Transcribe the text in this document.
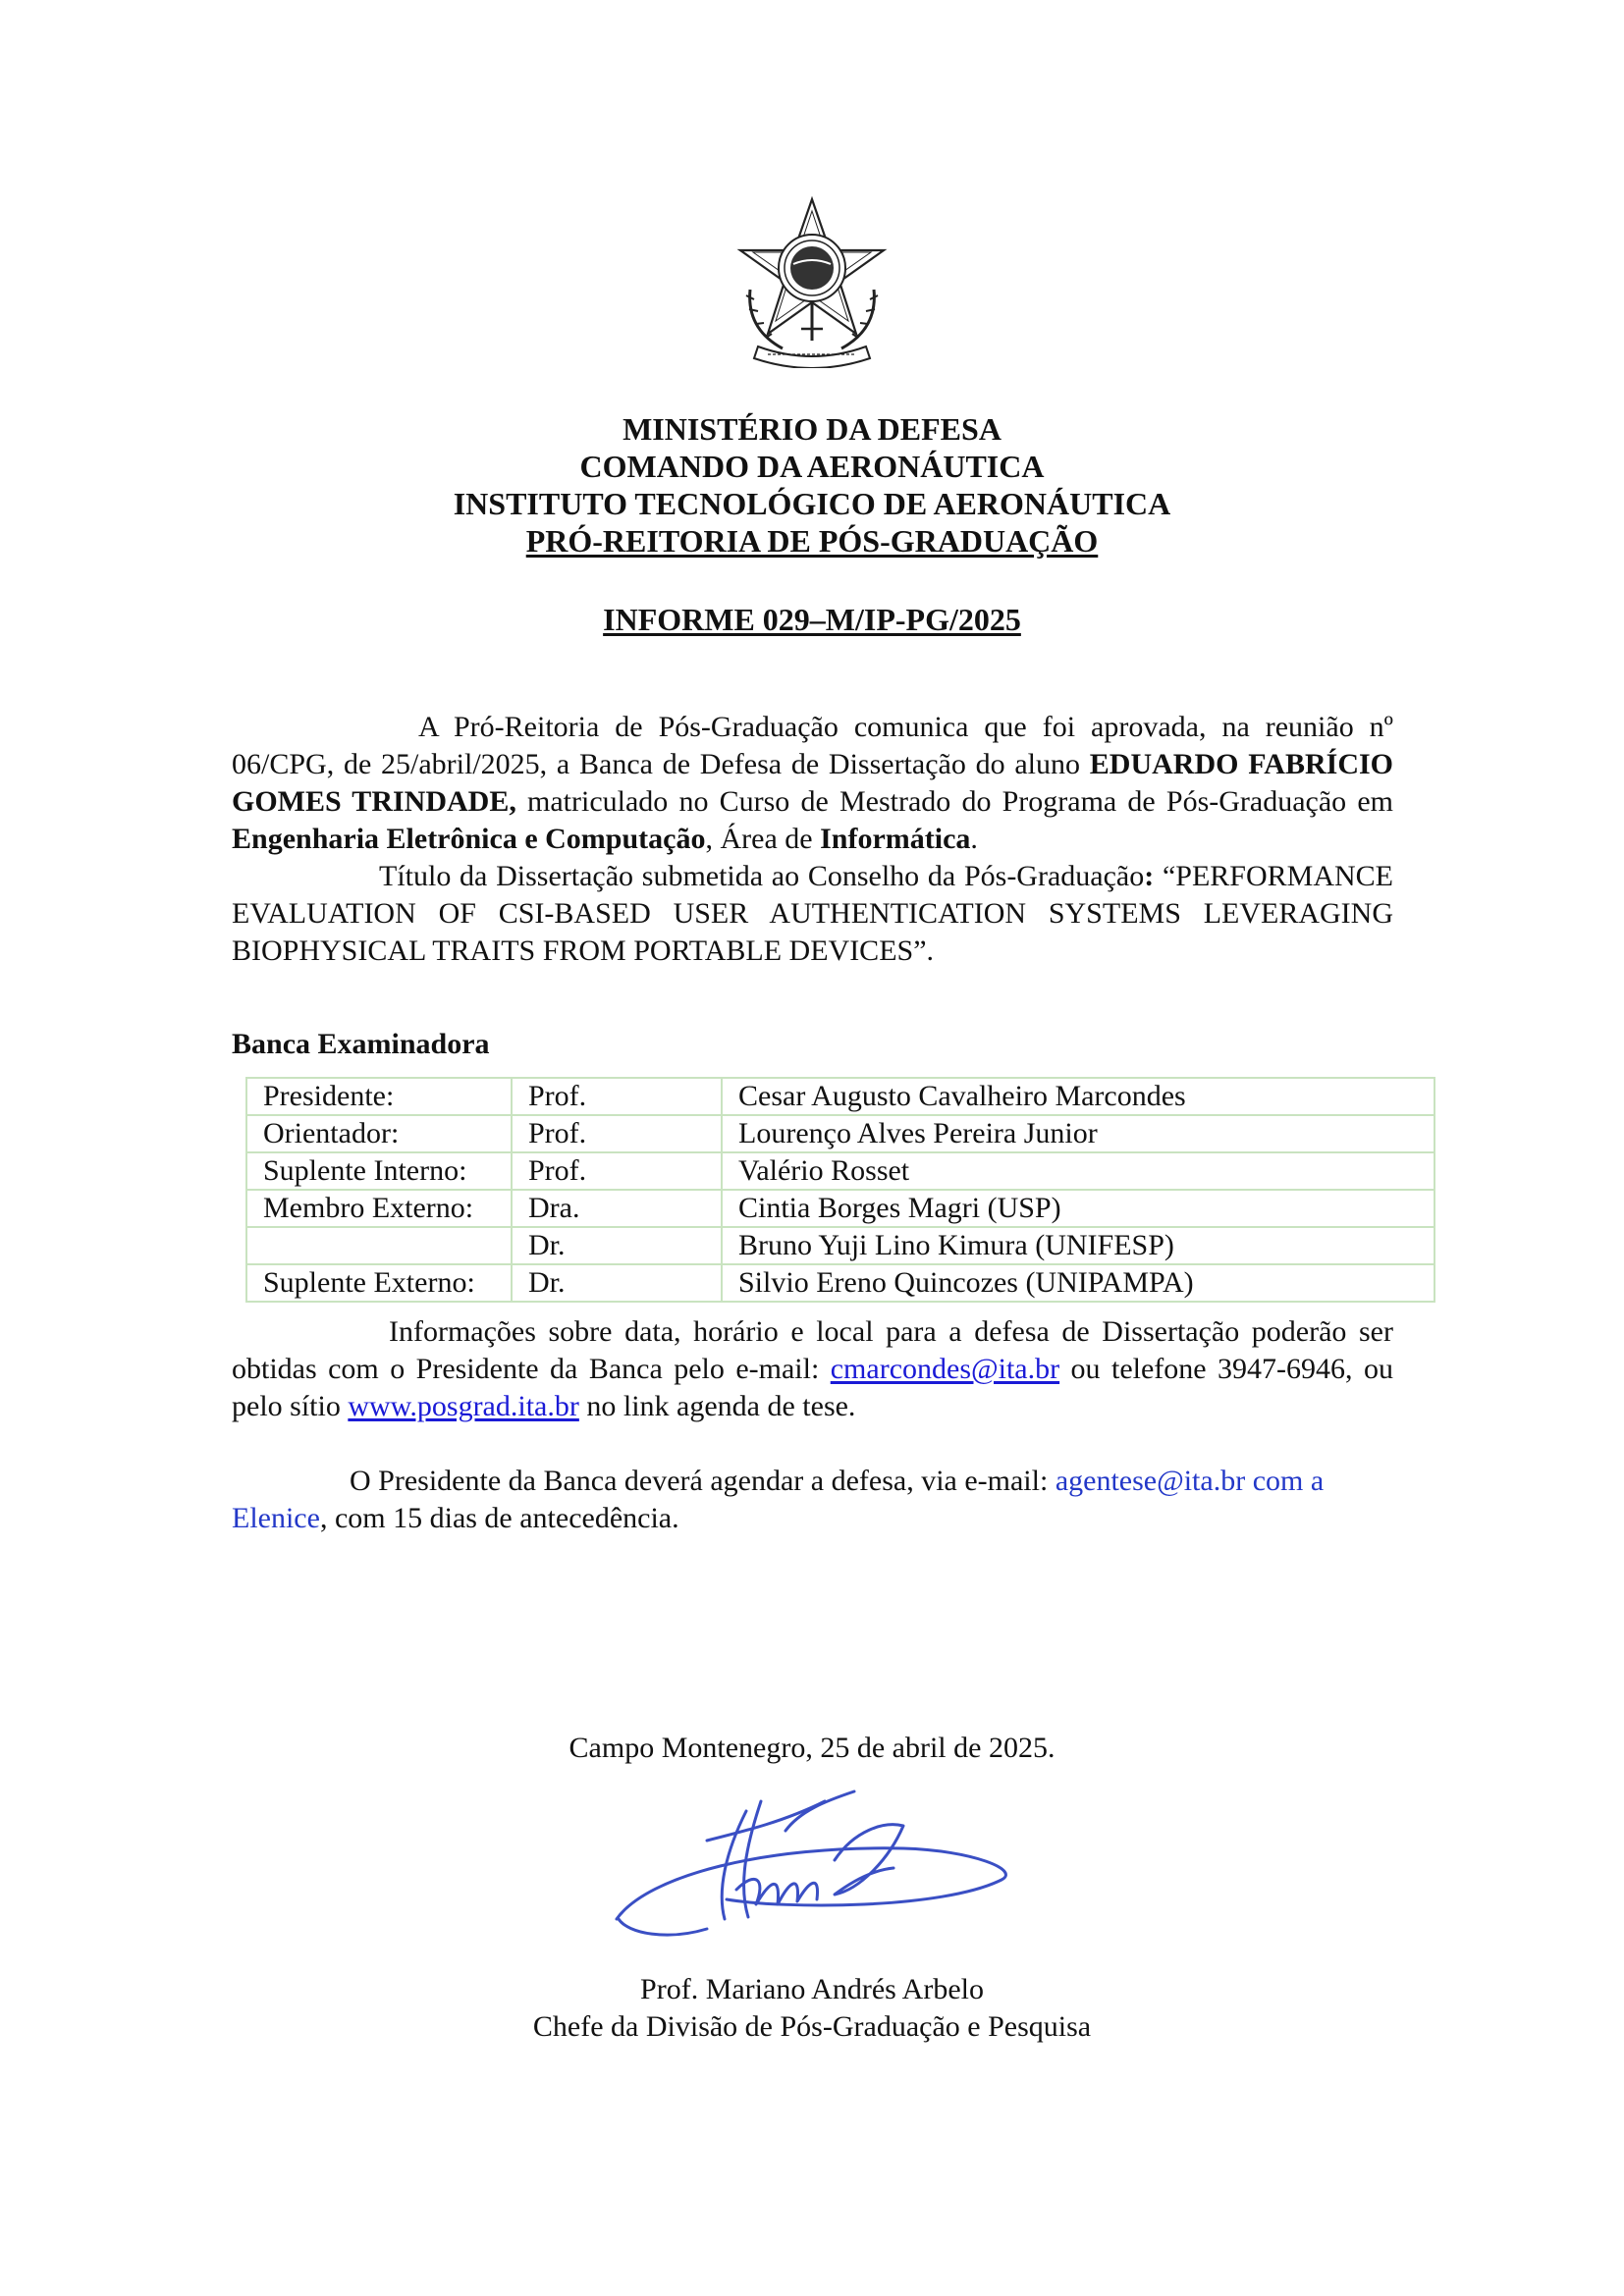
MINISTÉRIO DA DEFESA
COMANDO DA AERONÁUTICA
INSTITUTO TECNOLÓGICO DE AERONÁUTICA
PRÓ-REITORIA DE PÓS-GRADUAÇÃO
INFORME 029–M/IP-PG/2025
A Pró-Reitoria de Pós-Graduação comunica que foi aprovada, na reunião nº 06/CPG, de 25/abril/2025, a Banca de Defesa de Dissertação do aluno EDUARDO FABRÍCIO GOMES TRINDADE, matriculado no Curso de Mestrado do Programa de Pós-Graduação em Engenharia Eletrônica e Computação, Área de Informática.
Título da Dissertação submetida ao Conselho da Pós-Graduação: “PERFORMANCE EVALUATION OF CSI-BASED USER AUTHENTICATION SYSTEMS LEVERAGING BIOPHYSICAL TRAITS FROM PORTABLE DEVICES”.
Banca Examinadora
Presidente:	Prof.	Cesar Augusto Cavalheiro Marcondes
Orientador:	Prof.	Lourenço Alves Pereira Junior
Suplente Interno:	Prof.	Valério Rosset
Membro Externo:	Dra.	Cintia Borges Magri (USP)
	Dr.	Bruno Yuji Lino Kimura (UNIFESP)
Suplente Externo:	Dr.	Silvio Ereno Quincozes (UNIPAMPA)
Informações sobre data, horário e local para a defesa de Dissertação poderão ser obtidas com o Presidente da Banca pelo e-mail: cmarcondes@ita.br ou telefone 3947-6946, ou pelo sítio www.posgrad.ita.br no link agenda de tese.
O Presidente da Banca deverá agendar a defesa, via e-mail: agentese@ita.br com a Elenice, com 15 dias de antecedência.
Campo Montenegro, 25 de abril de 2025.
Prof. Mariano Andrés Arbelo
Chefe da Divisão de Pós-Graduação e Pesquisa
